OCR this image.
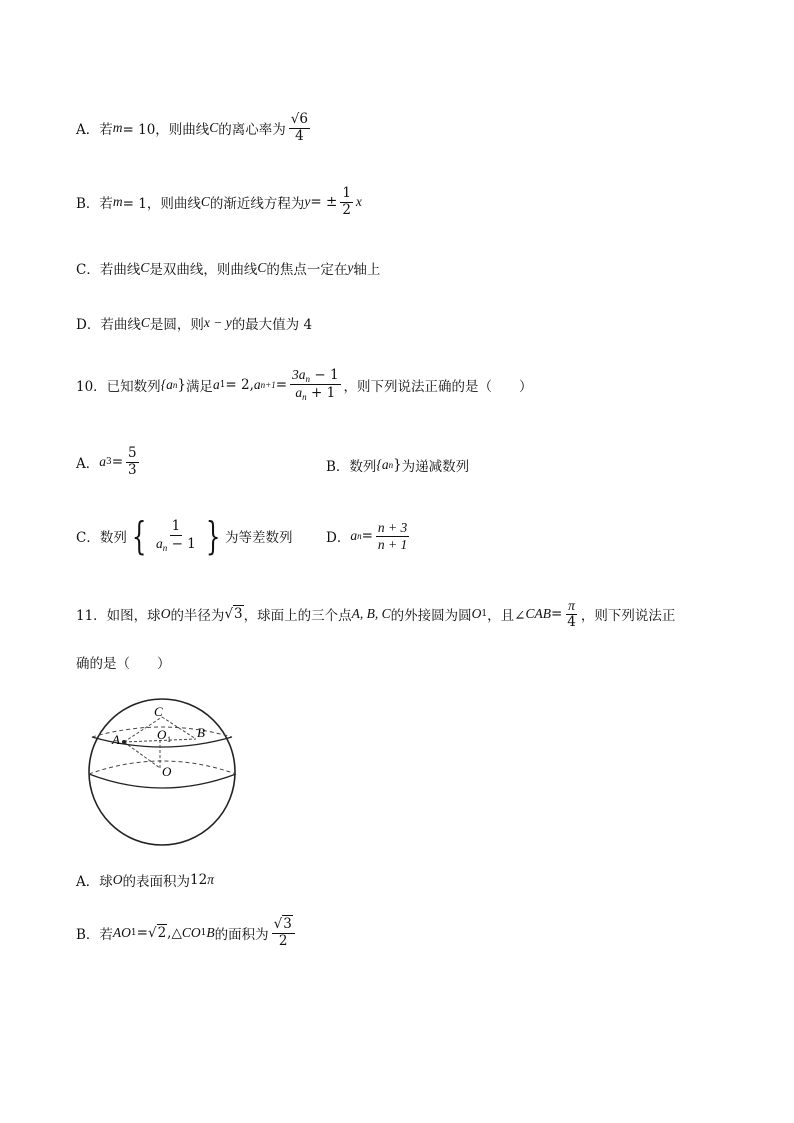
A．若 m = 10，则曲线 C 的离心率为 $\frac{√6}{4}$
B．若 m = 1，则曲线 C 的渐近线方程为 y = ± $\frac{1}{2}$ x
C．若曲线 C 是双曲线，则曲线 C 的焦点一定在 y 轴上
D．若曲线 C 是圆，则 x − y 的最大值为 4
10．已知数列 {a n } 满足 a 1 = 2, a $n+1 = \frac{3a_n - 1}{a_n + 1}$ ，则下列说法正确的是（　　）
A． a $3 = \frac{5}{3}$	B．数列 {a n } 为递减数列
C．数列 { $\frac{1}{a_n - 1}$ } 为等差数列 D． a $n = \frac{n + 3}{n + 1}$
11．如图，球 O 的半径为 √3 ，球面上的三个点 A, B, C 的外接圆为圆 O 1 ，且∠ CAB = $\frac{\pi}{4}$ ，则下列说法正
确的是（　　）
C
A	O 1 B
O
A．球 O 的表面积为 12 π
B．若 AO 1 = √2 ,△ CO 1 B 的面积为 $\frac{√3}{2}$
